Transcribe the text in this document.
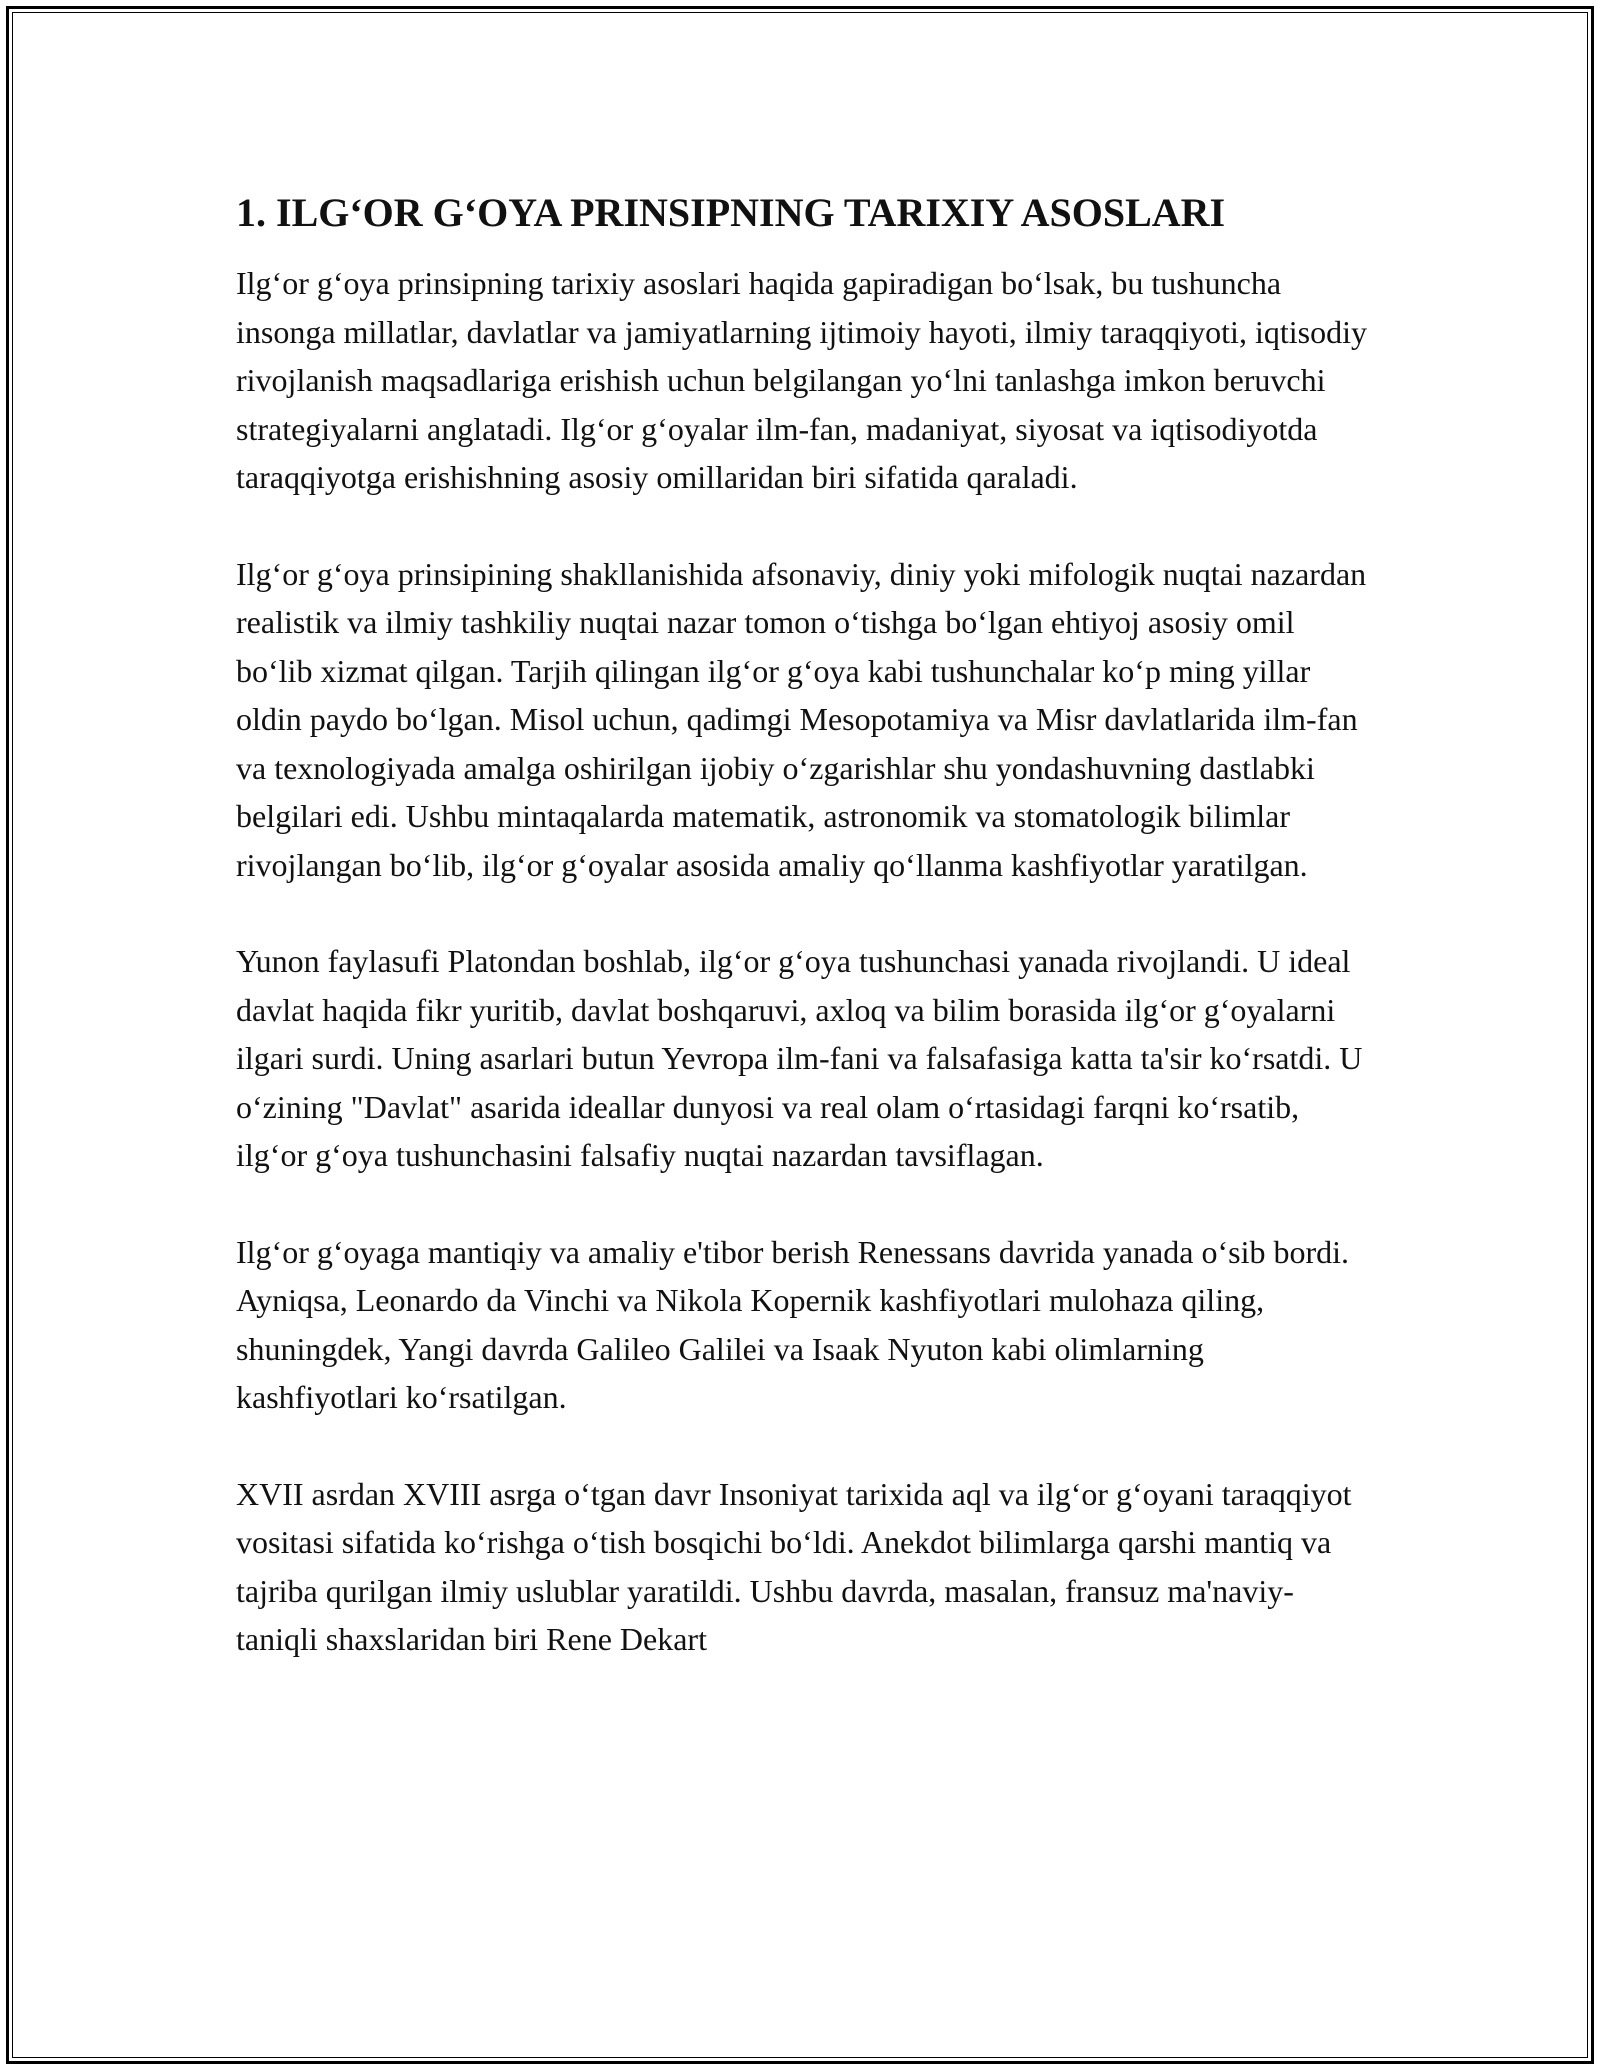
1. ILG‘OR G‘OYA PRINSIPNING TARIXIY ASOSLARI

Ilg‘or g‘oya prinsipning tarixiy asoslari haqida gapiradigan bo‘lsak, bu tushuncha insonga millatlar, davlatlar va jamiyatlarning ijtimoiy hayoti, ilmiy taraqqiyoti, iqtisodiy rivojlanish maqsadlariga erishish uchun belgilangan yo‘lni tanlashga imkon beruvchi strategiyalarni anglatadi. Ilg‘or g‘oyalar ilm-fan, madaniyat, siyosat va iqtisodiyotda taraqqiyotga erishishning asosiy omillaridan biri sifatida qaraladi.

Ilg‘or g‘oya prinsipining shakllanishida afsonaviy, diniy yoki mifologik nuqtai nazardan realistik va ilmiy tashkiliy nuqtai nazar tomon o‘tishga bo‘lgan ehtiyoj asosiy omil bo‘lib xizmat qilgan. Tarjih qilingan ilg‘or g‘oya kabi tushunchalar ko‘p ming yillar oldin paydo bo‘lgan. Misol uchun, qadimgi Mesopotamiya va Misr davlatlarida ilm-fan va texnologiyada amalga oshirilgan ijobiy o‘zgarishlar shu yondashuvning dastlabki belgilari edi. Ushbu mintaqalarda matematik, astronomik va stomatologik bilimlar rivojlangan bo‘lib, ilg‘or g‘oyalar asosida amaliy qo‘llanma kashfiyotlar yaratilgan.

Yunon faylasufi Platondan boshlab, ilg‘or g‘oya tushunchasi yanada rivojlandi. U ideal davlat haqida fikr yuritib, davlat boshqaruvi, axloq va bilim borasida ilg‘or g‘oyalarni ilgari surdi. Uning asarlari butun Yevropa ilm-fani va falsafasiga katta ta'sir ko‘rsatdi. U o‘zining "Davlat" asarida ideallar dunyosi va real olam o‘rtasidagi farqni ko‘rsatib, ilg‘or g‘oya tushunchasini falsafiy nuqtai nazardan tavsiflagan.

Ilg‘or g‘oyaga mantiqiy va amaliy e'tibor berish Renessans davrida yanada o‘sib bordi. Ayniqsa, Leonardo da Vinchi va Nikola Kopernik kashfiyotlari mulohaza qiling, shuningdek, Yangi davrda Galileo Galilei va Isaak Nyuton kabi olimlarning kashfiyotlari ko‘rsatilgan.

XVII asrdan XVIII asrga o‘tgan davr Insoniyat tarixida aql va ilg‘or g‘oyani taraqqiyot vositasi sifatida ko‘rishga o‘tish bosqichi bo‘ldi. Anekdot bilimlarga qarshi mantiq va tajriba qurilgan ilmiy uslublar yaratildi. Ushbu davrda, masalan, fransuz ma'naviy-taniqli shaxslaridan biri Rene Dekart
